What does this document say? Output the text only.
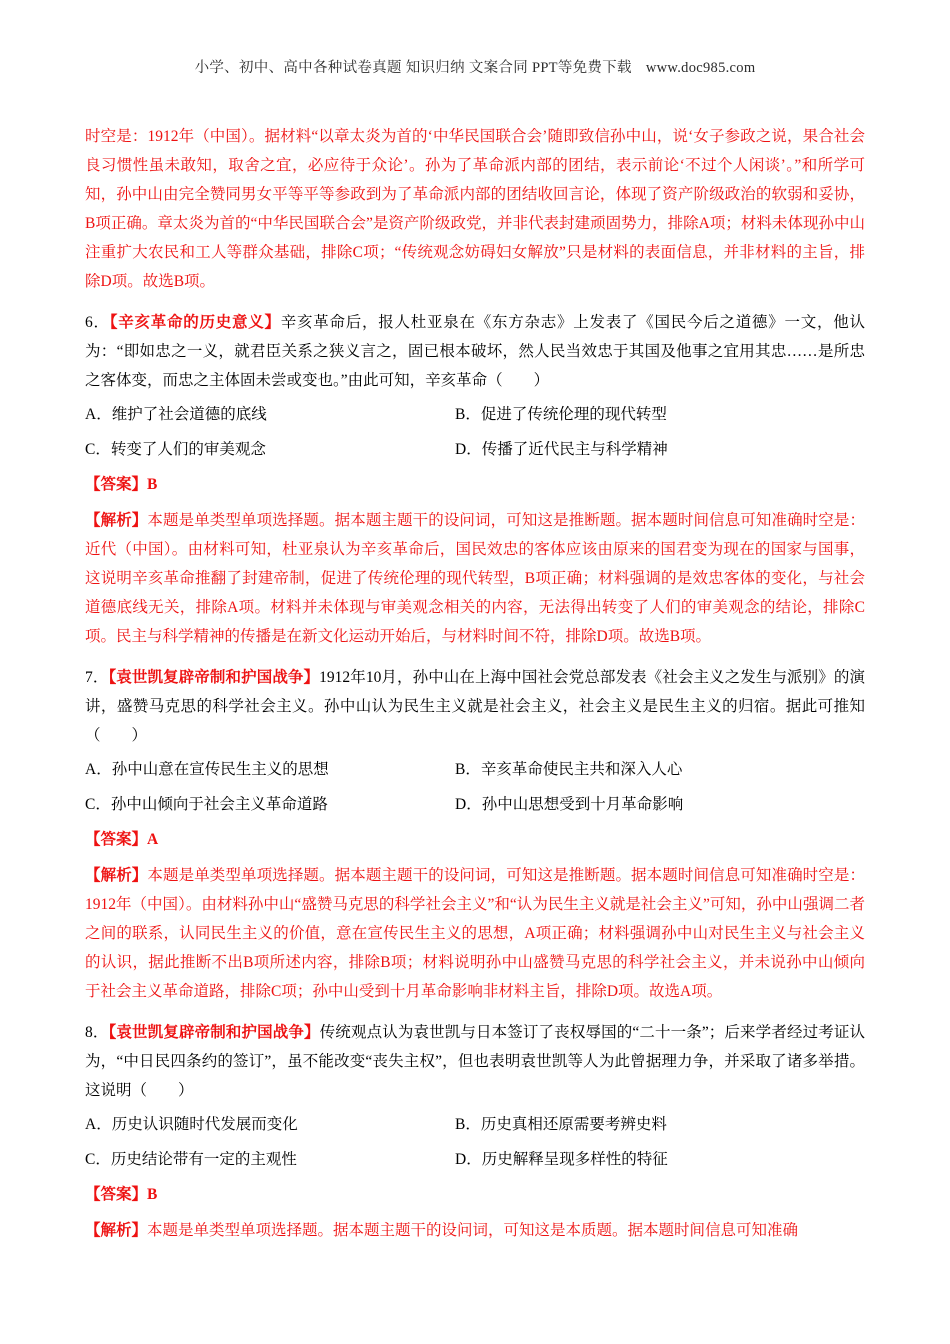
小学、初中、高中各种试卷真题 知识归纳 文案合同 PPT等免费下载 www.doc985.com

时空是：1912年（中国）。据材料“以章太炎为首的‘中华民国联合会’随即致信孙中山，说‘女子参政之说，果合社会良习惯性虽未敢知，取舍之宜，必应待于众论’。孙为了革命派内部的团结，表示前论‘不过个人闲谈’。”和所学可知，孙中山由完全赞同男女平等平等参政到为了革命派内部的团结收回言论，体现了资产阶级政治的软弱和妥协，B项正确。章太炎为首的“中华民国联合会”是资产阶级政党，并非代表封建顽固势力，排除A项；材料未体现孙中山注重扩大农民和工人等群众基础，排除C项；“传统观念妨碍妇女解放”只是材料的表面信息，并非材料的主旨，排除D项。故选B项。

6．【辛亥革命的历史意义】辛亥革命后，报人杜亚泉在《东方杂志》上发表了《国民今后之道德》一文，他认为：“即如忠之一义，就君臣关系之狭义言之，固已根本破坏，然人民当效忠于其国及他事之宜用其忠……是所忠之客体变，而忠之主体固未尝或变也。”由此可知，辛亥革命（　　）

A．维护了社会道德的底线	B．促进了传统伦理的现代转型
C．转变了人们的审美观念	D．传播了近代民主与科学精神

【答案】B

【解析】本题是单类型单项选择题。据本题主题干的设问词，可知这是推断题。据本题时间信息可知准确时空是：近代（中国）。由材料可知，杜亚泉认为辛亥革命后，国民效忠的客体应该由原来的国君变为现在的国家与国事，这说明辛亥革命推翻了封建帝制，促进了传统伦理的现代转型，B项正确；材料强调的是效忠客体的变化，与社会道德底线无关，排除A项。材料并未体现与审美观念相关的内容，无法得出转变了人们的审美观念的结论，排除C项。民主与科学精神的传播是在新文化运动开始后，与材料时间不符，排除D项。故选B项。

7．【袁世凯复辟帝制和护国战争】1912年10月，孙中山在上海中国社会党总部发表《社会主义之发生与派别》的演讲，盛赞马克思的科学社会主义。孙中山认为民生主义就是社会主义，社会主义是民生主义的归宿。据此可推知（　　）

A．孙中山意在宣传民生主义的思想	B．辛亥革命使民主共和深入人心
C．孙中山倾向于社会主义革命道路	D．孙中山思想受到十月革命影响

【答案】A

【解析】本题是单类型单项选择题。据本题主题干的设问词，可知这是推断题。据本题时间信息可知准确时空是：1912年（中国）。由材料孙中山“盛赞马克思的科学社会主义”和“认为民生主义就是社会主义”可知，孙中山强调二者之间的联系，认同民生主义的价值，意在宣传民生主义的思想，A项正确；材料强调孙中山对民生主义与社会主义的认识，据此推断不出B项所述内容，排除B项；材料说明孙中山盛赞马克思的科学社会主义，并未说孙中山倾向于社会主义革命道路，排除C项；孙中山受到十月革命影响非材料主旨，排除D项。故选A项。

8．【袁世凯复辟帝制和护国战争】传统观点认为袁世凯与日本签订了丧权辱国的“二十一条”；后来学者经过考证认为，“中日民四条约的签订”，虽不能改变“丧失主权”，但也表明袁世凯等人为此曾据理力争，并采取了诸多举措。这说明（　　）

A．历史认识随时代发展而变化	B．历史真相还原需要考辨史料
C．历史结论带有一定的主观性	D．历史解释呈现多样性的特征

【答案】B

【解析】本题是单类型单项选择题。据本题主题干的设问词，可知这是本质题。据本题时间信息可知准确
